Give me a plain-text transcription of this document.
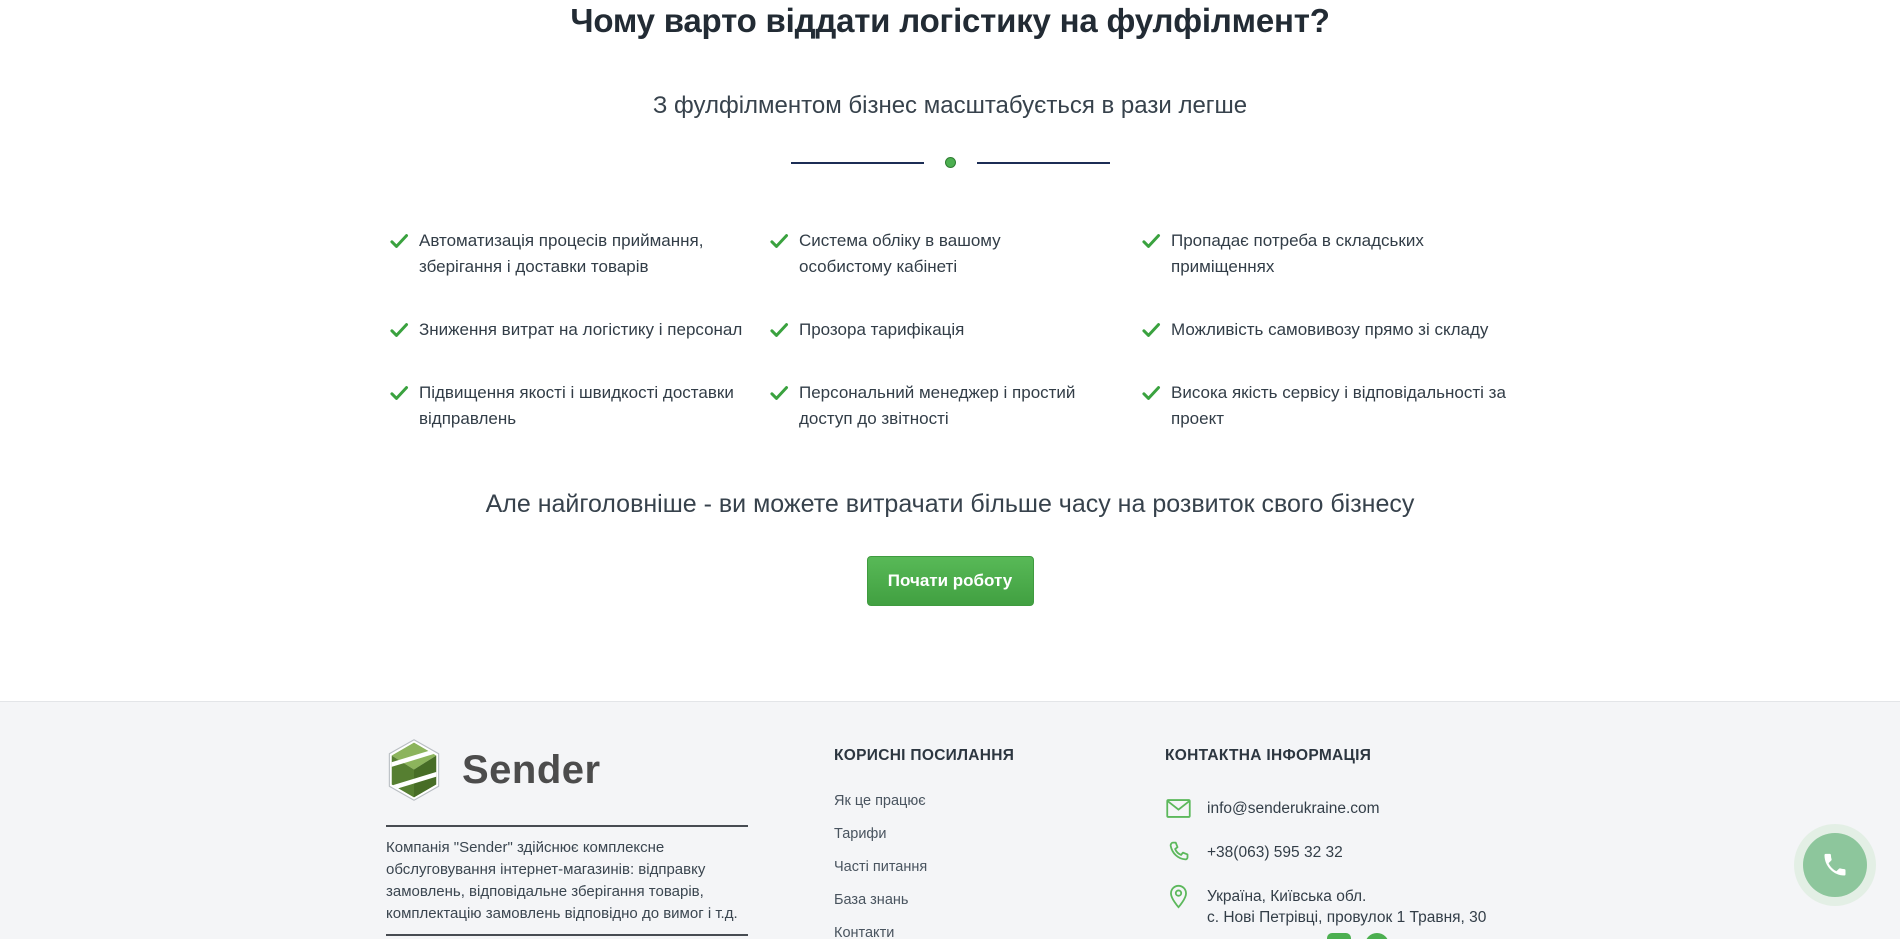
Чому варто віддати логістику на фулфілмент?

З фулфілментом бізнес масштабується в рази легше

Автоматизація процесів приймання, зберігання і доставки товарів
Система обліку в вашому особистому кабінеті
Пропадає потреба в складських приміщеннях
Зниження витрат на логістику і персонал	Прозора тарифікація	Можливість самовивозу прямо зі складу
Підвищення якості і швидкості доставки відправлень
Персональний менеджер і простий доступ до звітності
Висока якість сервісу і відповідальності за проект

Але найголовніше - ви можете витрачати більше часу на розвиток свого бізнесу

Почати роботу
Sender

Компанія "Sender" здійснює комплексне обслуговування інтернет-магазинів: відправку замовлень, відповідальне зберігання товарів, комплектацію замовлень відповідно до вимог і т.д.

КОРИСНІ ПОСИЛАННЯ
Як це працює
Тарифи
Часті питання
База знань
Контакти
КОНТАКТНА ІНФОРМАЦІЯ
info@senderukraine.com
+38(063) 595 32 32
Україна, Київська обл.
с. Нові Петрівці, провулок 1 Травня, 30
